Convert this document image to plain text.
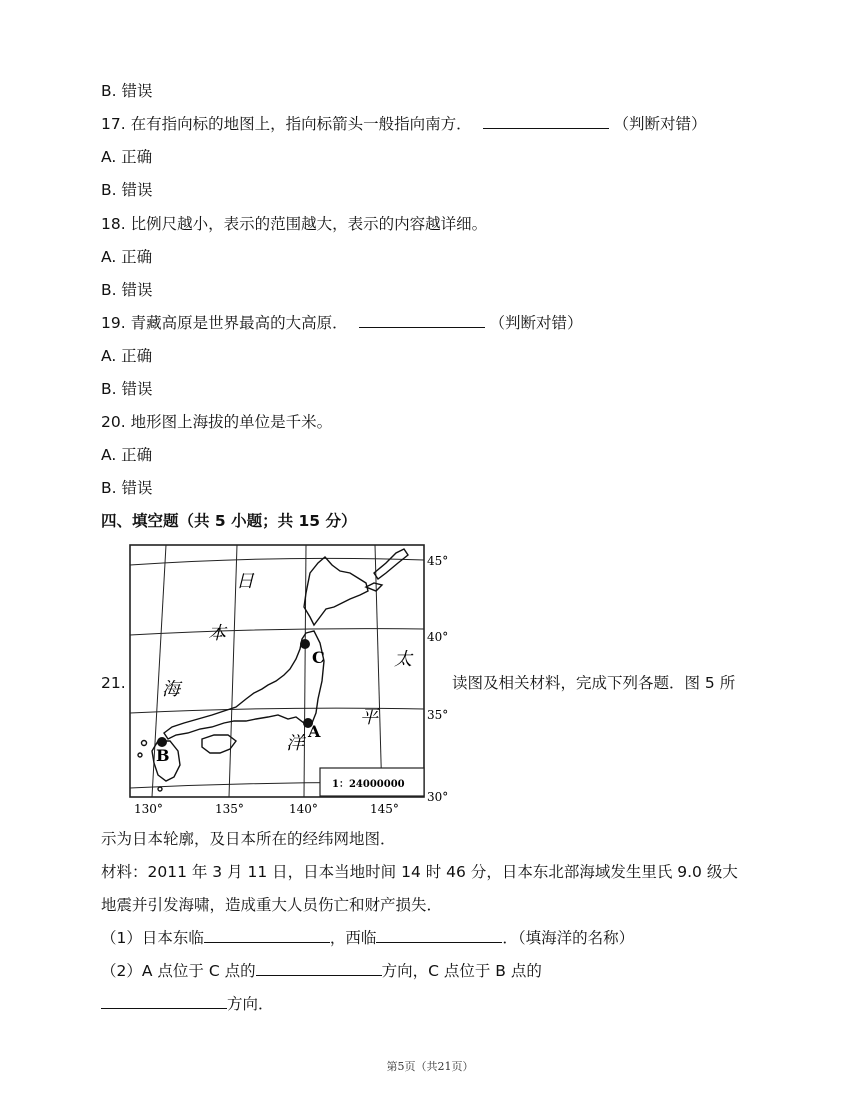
B. 错误
17. 在有指向标的地图上，指向标箭头一般指向南方．	（判断对错）
A. 正确
B. 错误
18. 比例尺越小，表示的范围越大，表示的内容越详细。
A. 正确
B. 错误
19. 青藏高原是世界最高的大高原．	（判断对错）
A. 正确
B. 错误
20. 地形图上海拔的单位是千米。
A. 正确
B. 错误
四、填空题（共 5 小题；共 15 分）
21.
C
A
B
日
本
海
太
平
洋
1：24000000
45°
40°
35°
30°
130°	135°	140°	145°
读图及相关材料，完成下列各题．图 5 所
示为日本轮廓，及日本所在的经纬网地图．
材料：2011 年 3 月 11 日，日本当地时间 14 时 46 分，日本东北部海域发生里氏 9.0 级大
地震并引发海啸，造成重大人员伤亡和财产损失．
（1）日本东临	，西临	．（填海洋的名称）
（2）A 点位于 C 点的	方向，C 点位于 B 点的
方向．
第5页（共21页）
